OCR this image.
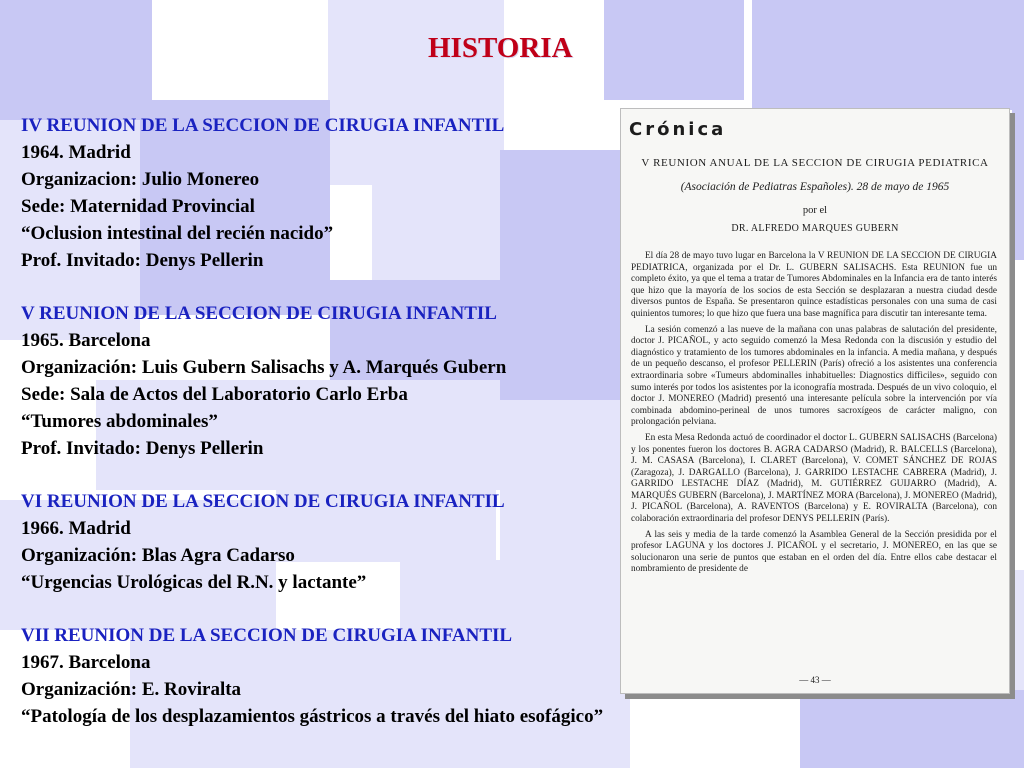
HISTORIA
IV REUNION DE LA SECCION DE CIRUGIA INFANTIL
1964. Madrid
Organizacion: Julio Monereo
Sede: Maternidad Provincial
“Oclusion intestinal del recién nacido”
Prof. Invitado: Denys Pellerin
V REUNION DE LA SECCION DE CIRUGIA INFANTIL
1965. Barcelona
Organización: Luis Gubern Salisachs y A. Marqués Gubern
Sede: Sala de Actos del Laboratorio Carlo Erba
“Tumores abdominales”
Prof. Invitado: Denys Pellerin
VI REUNION DE LA SECCION DE CIRUGIA INFANTIL
1966. Madrid
Organización: Blas Agra Cadarso
“Urgencias Urológicas del R.N. y lactante”
VII REUNION DE LA SECCION DE CIRUGIA INFANTIL
1967. Barcelona
Organización: E. Roviralta
“Patología de los desplazamientos gástricos a través del hiato esofágico”
Crónica
V REUNION ANUAL DE LA SECCION DE CIRUGIA PEDIATRICA
(Asociación de Pediatras Españoles). 28 de mayo de 1965
por el
DR. ALFREDO MARQUES GUBERN

El día 28 de mayo tuvo lugar en Barcelona la V REUNION DE LA SECCION DE CIRUGIA PEDIATRICA, organizada por el Dr. L. GUBERN SALISACHS. Esta REUNION fue un completo éxito, ya que el tema a tratar de Tumores Abdominales en la Infancia era de tanto interés que hizo que la mayoría de los socios de esta Sección se desplazaran a nuestra ciudad desde diversos puntos de España. Se presentaron quince estadísticas personales con una suma de casi quinientos tumores; lo que hizo que fuera una base magnífica para discutir tan interesante tema.

La sesión comenzó a las nueve de la mañana con unas palabras de salutación del presidente, doctor J. PICAÑOL, y acto seguido comenzó la Mesa Redonda con la discusión y estudio del diagnóstico y tratamiento de los tumores abdominales en la infancia. A media mañana, y después de un pequeño descanso, el profesor PELLERIN (París) ofreció a los asistentes una conferencia extraordinaria sobre «Tumeurs abdominalles inhabituelles: Diagnostics difficiles», seguido con sumo interés por todos los asistentes por la iconografía mostrada. Después de un vivo coloquio, el doctor J. MONEREO (Madrid) presentó una interesante película sobre la intervención por vía combinada abdomino-perineal de unos tumores sacroxígeos de carácter maligno, con prolongación pelviana.

En esta Mesa Redonda actuó de coordinador el doctor L. GUBERN SALISACHS (Barcelona) y los ponentes fueron los doctores B. AGRA CADARSO (Madrid), R. BALCELLS (Barcelona), J. M. CASASA (Barcelona), I. CLARET (Barcelona), V. COMET SÁNCHEZ DE ROJAS (Zaragoza), J. DARGALLO (Barcelona), J. GARRIDO LESTACHE CABRERA (Madrid), J. GARRIDO LESTACHE DÍAZ (Madrid), M. GUTIÉRREZ GUIJARRO (Madrid), A. MARQUÉS GUBERN (Barcelona), J. MARTÍNEZ MORA (Barcelona), J. MONEREO (Madrid), J. PICAÑOL (Barcelona), A. RAVENTOS (Barcelona) y E. ROVIRALTA (Barcelona), con colaboración extraordinaria del profesor DENYS PELLERIN (París).

A las seis y media de la tarde comenzó la Asamblea General de la Sección presidida por el profesor LAGUNA y los doctores J. PICAÑOL y el secretario, J. MONEREO, en las que se solucionaron una serie de puntos que estaban en el orden del día. Entre ellos cabe destacar el nombramiento de presidente de

— 43 —
